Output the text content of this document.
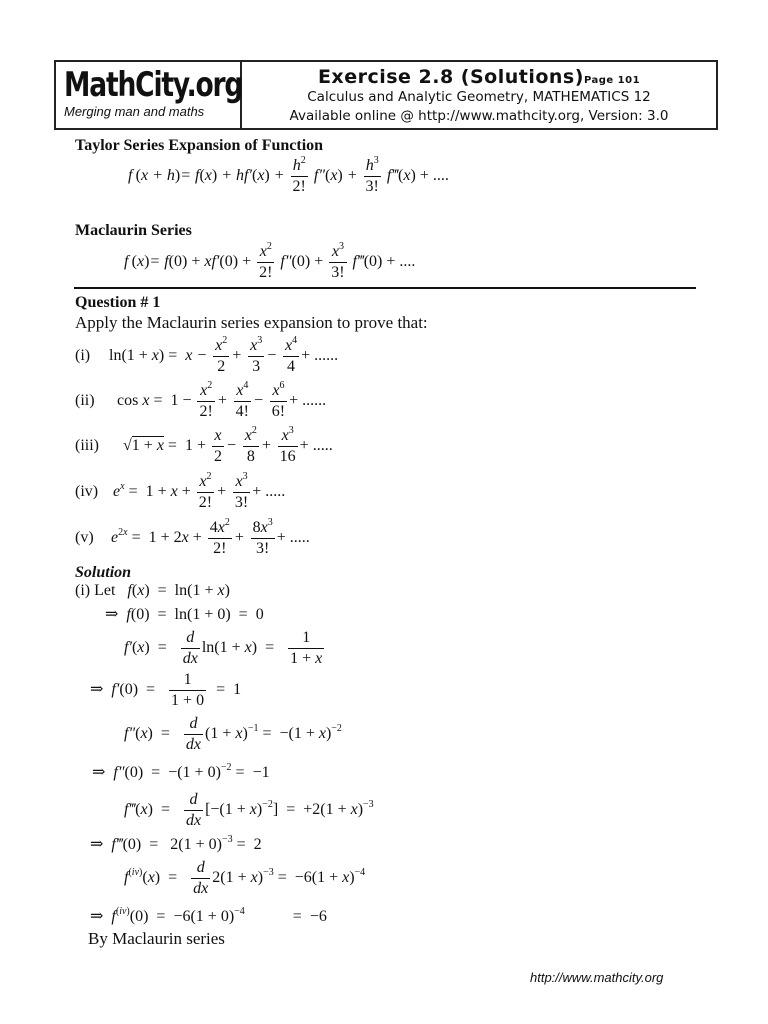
MathCity.org
Merging man and maths
Exercise 2.8 (Solutions)Page 101
Calculus and Analytic Geometry, MATHEMATICS 12
Available online @ http://www.mathcity.org, Version: 3.0
Taylor Series Expansion of Function
f $(x + h)= f(x) + hf'(x) + \frac{h^2}{2!} f''(x) + \frac{h^3}{3!}$ f‴(x) + ....
Maclaurin Series
f $(x)= f(0) + xf'(0) + \frac{x^2}{2!} f''(0) + \frac{x^3}{3!}$ f‴(0) + ....
Question # 1
Apply the Maclaurin series expansion to prove that:
(i) $\ln(1 + x) = x - \frac{x^2}{2} + \frac{x^3}{3} - \frac{x^4}{4}$ + ......
(ii) $\cos x = 1 - \frac{x^2}{2!} + \frac{x^4}{4!} - \frac{x^6}{6!}$ + ......
(iii) $√1 + x = 1 + \frac{x}{2} - \frac{x^2}{8} + \frac{x^3}{16}$ + .....
(iv) $e^x = 1 + x + \frac{x^2}{2!} + \frac{x^3}{3!}$ + .....
(v) $e^{2x} = 1 + 2x + \frac{4x^2}{2!} + \frac{8x^3}{3!}$ + .....
Solution
(i) Let   f(x)  =  ln(1 + x)
⇒  f(0)  =  ln(1 + 0)  =  0
$f'(x) = \frac{d}{dx} \ln(1 + x) = \frac{1}{1 + x}$
⇒  $f'(0) = \frac{1}{1 + 0} = 1$
$f''(x) = \frac{d}{dx} (1 + x)^{-1} = -(1 + x)^{-2}$
⇒  $f''(0) = -(1 + 0)^{-2} = -1$
f‴(x)  = $\frac{d}{dx} [-(1 + x)^{-2}] = +2(1 + x)^{-3}$
⇒  f‴(0)  =   $2(1 + 0)^{-3} = 2$
$f^{(iv)}(x) = \frac{d}{dx} 2(1 + x)^{-3} = -6(1 + x)^{-4}$
⇒  $f^{(iv)}(0) = -6(1 + 0)^{-4}$            =  −6
By Maclaurin series
http://www.mathcity.org
